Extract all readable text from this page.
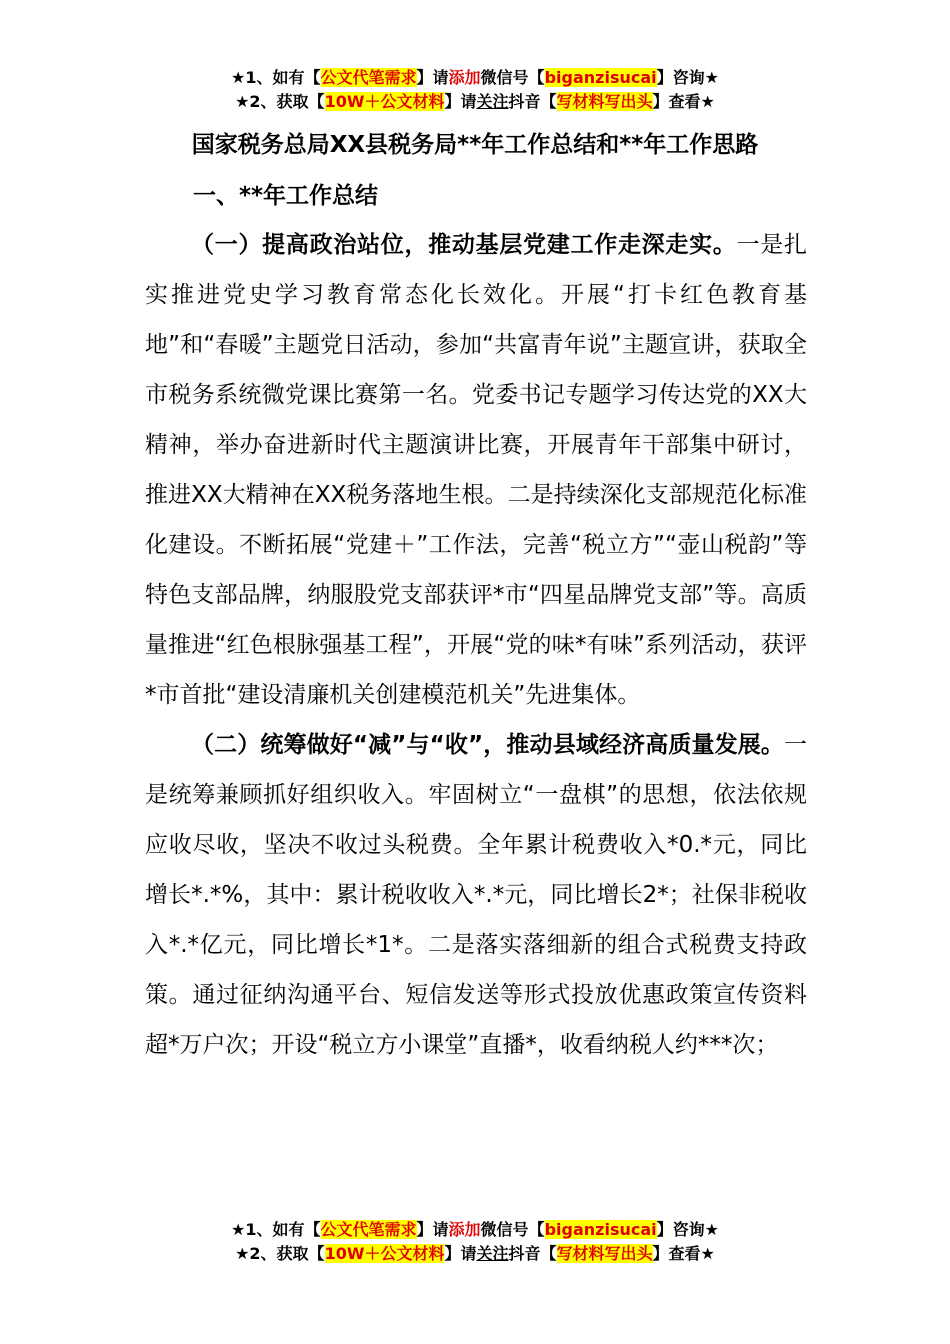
★1、如有【公文代笔需求】请添加微信号【biganzisucai】咨询★
★2、获取【10W＋公文材料】请关注抖音【写材料写出头】查看★
国家税务总局XX县税务局**年工作总结和**年工作思路
一、**年工作总结

（一）提高政治站位，推动基层党建工作走深走实。一是扎实推进党史学习教育常态化长效化。开展“打卡红色教育基地”和“春暖”主题党日活动，参加“共富青年说”主题宣讲，获取全市税务系统微党课比赛第一名。党委书记专题学习传达党的XX大精神，举办奋进新时代主题演讲比赛，开展青年干部集中研讨，推进XX大精神在XX税务落地生根。二是持续深化支部规范化标准化建设。不断拓展“党建＋”工作法，完善“税立方”“壶山税韵”等特色支部品牌，纳服股党支部获评*市“四星品牌党支部”等。高质量推进“红色根脉强基工程”，开展“党的味*有味”系列活动，获评*市首批“建设清廉机关创建模范机关”先进集体。

（二）统筹做好“减”与“收”，推动县域经济高质量发展。一是统筹兼顾抓好组织收入。牢固树立“一盘棋”的思想，依法依规应收尽收，坚决不收过头税费。全年累计税费收入*0.*元，同比增长*.*%，其中：累计税收收入*.*元，同比增长2*；社保非税收入*.*亿元，同比增长*1*。二是落实落细新的组合式税费支持政策。通过征纳沟通平台、短信发送等形式投放优惠政策宣传资料超*万户次；开设“税立方小课堂”直播*，收看纳税人约***次；

★1、如有【公文代笔需求】请添加微信号【biganzisucai】咨询★
★2、获取【10W＋公文材料】请关注抖音【写材料写出头】查看★
